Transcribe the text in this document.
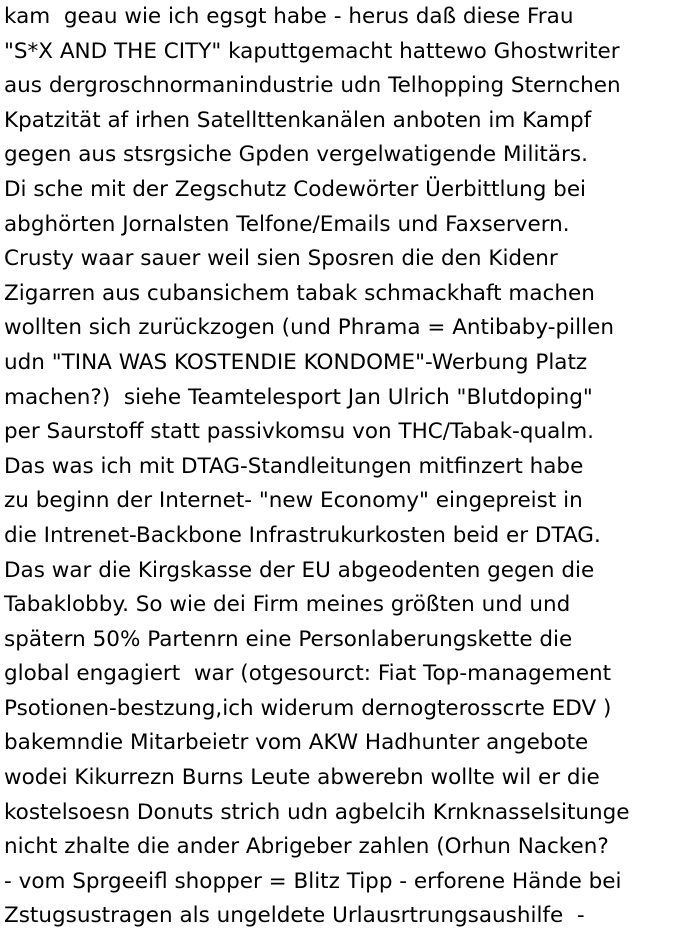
kam  geau wie ich egsgt habe - herus daß diese Frau
"S*X AND THE CITY" kaputtgemacht hattewo Ghostwriter
aus dergroschnormanindustrie udn Telhopping Sternchen
Kpatzität af irhen Satellttenkanälen anboten im Kampf
gegen aus stsrgsiche Gpden vergelwatigende Militärs.
Di sche mit der Zegschutz Codewörter Üerbittlung bei
abghörten Jornalsten Telfone/Emails und Faxservern.
Crusty waar sauer weil sien Sposren die den Kidenr
Zigarren aus cubansichem tabak schmackhaft machen
wollten sich zurückzogen (und Phrama = Antibaby-pillen
udn "TINA WAS KOSTENDIE KONDOME"-Werbung Platz
machen?)  siehe Teamtelesport Jan Ulrich "Blutdoping"
per Saurstoff statt passivkomsu von THC/Tabak-qualm.
Das was ich mit DTAG-Standleitungen mitfinzert habe
zu beginn der Internet- "new Economy" eingepreist in
die Intrenet-Backbone Infrastrukurkosten beid er DTAG.
Das war die Kirgskasse der EU abgeodenten gegen die
Tabaklobby. So wie dei Firm meines größten und und
spätern 50% Partenrn eine Personlaberungskette die
global engagiert  war (otgesourct: Fiat Top-management
Psotionen-bestzung,ich widerum dernogterosscrte EDV )
bakemndie Mitarbeietr vom AKW Hadhunter angebote
wodei Kikurrezn Burns Leute abwerebn wollte wil er die
kostelsoesn Donuts strich udn agbelcih Krnknasselsitunge
nicht zhalte die ander Abrigeber zahlen (Orhun Nacken?
- vom Sprgeeifl shopper = Blitz Tipp - erforene Hände bei
Zstugsustragen als ungeldete Urlausrtrungsaushilfe  -
